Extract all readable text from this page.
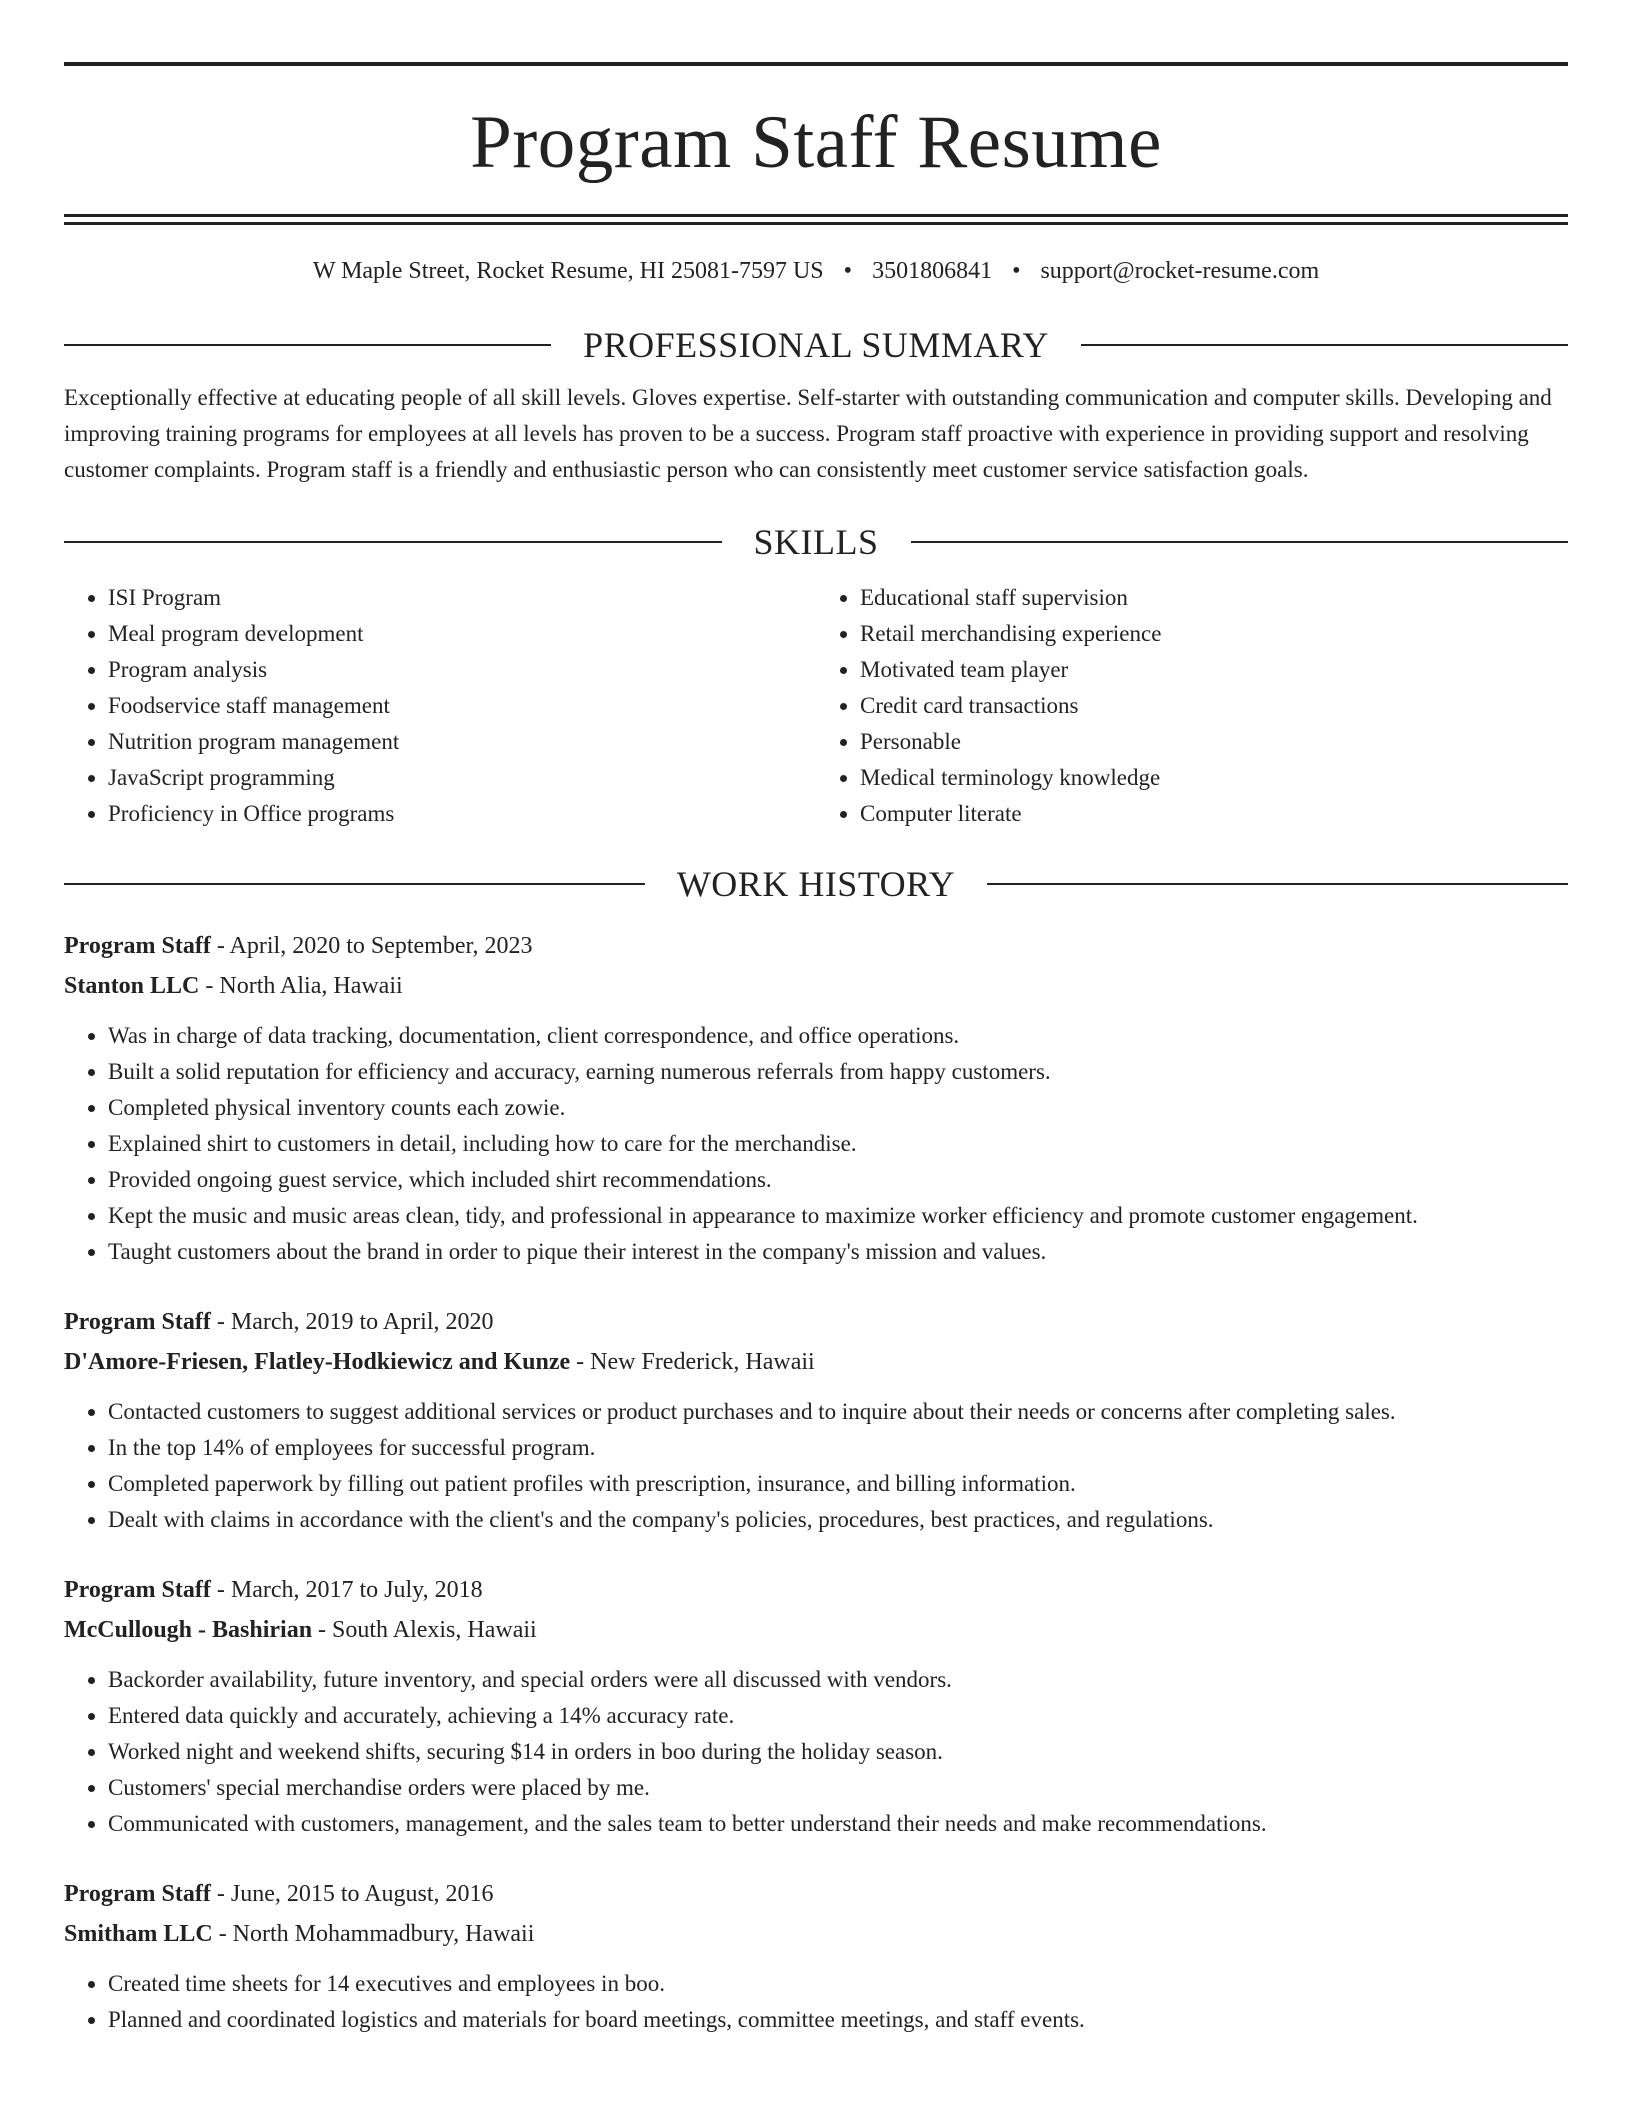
Program Staff Resume
W Maple Street, Rocket Resume, HI 25081-7597 US • 3501806841 • support@rocket-resume.com
PROFESSIONAL SUMMARY
Exceptionally effective at educating people of all skill levels. Gloves expertise. Self-starter with outstanding communication and computer skills. Developing and improving training programs for employees at all levels has proven to be a success. Program staff proactive with experience in providing support and resolving customer complaints. Program staff is a friendly and enthusiastic person who can consistently meet customer service satisfaction goals.
SKILLS
• ISI Program
• Meal program development
• Program analysis
• Foodservice staff management
• Nutrition program management
• JavaScript programming
• Proficiency in Office programs
• Educational staff supervision
• Retail merchandising experience
• Motivated team player
• Credit card transactions
• Personable
• Medical terminology knowledge
• Computer literate
WORK HISTORY
Program Staff - April, 2020 to September, 2023
Stanton LLC - North Alia, Hawaii
• Was in charge of data tracking, documentation, client correspondence, and office operations.
• Built a solid reputation for efficiency and accuracy, earning numerous referrals from happy customers.
• Completed physical inventory counts each zowie.
• Explained shirt to customers in detail, including how to care for the merchandise.
• Provided ongoing guest service, which included shirt recommendations.
• Kept the music and music areas clean, tidy, and professional in appearance to maximize worker efficiency and promote customer engagement.
• Taught customers about the brand in order to pique their interest in the company's mission and values.
Program Staff - March, 2019 to April, 2020
D'Amore-Friesen, Flatley-Hodkiewicz and Kunze - New Frederick, Hawaii
• Contacted customers to suggest additional services or product purchases and to inquire about their needs or concerns after completing sales.
• In the top 14% of employees for successful program.
• Completed paperwork by filling out patient profiles with prescription, insurance, and billing information.
• Dealt with claims in accordance with the client's and the company's policies, procedures, best practices, and regulations.
Program Staff - March, 2017 to July, 2018
McCullough - Bashirian - South Alexis, Hawaii
• Backorder availability, future inventory, and special orders were all discussed with vendors.
• Entered data quickly and accurately, achieving a 14% accuracy rate.
• Worked night and weekend shifts, securing $14 in orders in boo during the holiday season.
• Customers' special merchandise orders were placed by me.
• Communicated with customers, management, and the sales team to better understand their needs and make recommendations.
Program Staff - June, 2015 to August, 2016
Smitham LLC - North Mohammadbury, Hawaii
• Created time sheets for 14 executives and employees in boo.
• Planned and coordinated logistics and materials for board meetings, committee meetings, and staff events.
